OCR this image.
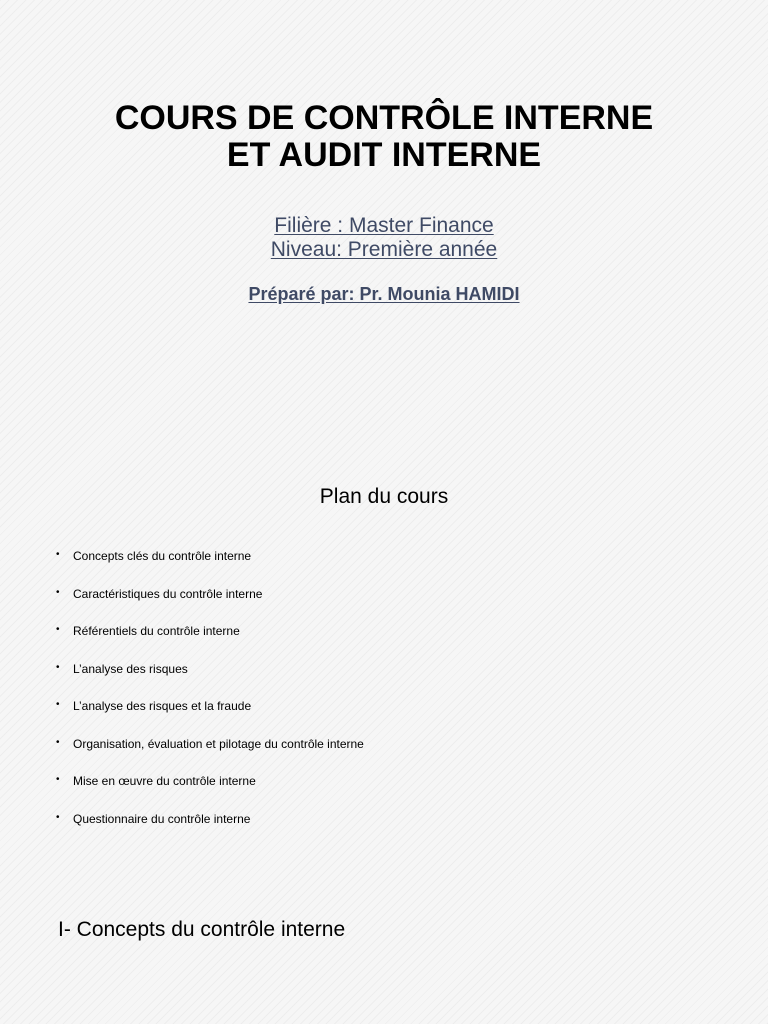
COURS DE CONTRÔLE INTERNE
ET AUDIT INTERNE
Filière : Master Finance
Niveau: Première année
Préparé par: Pr. Mounia HAMIDI
Plan du cours
• Concepts clés du contrôle interne
• Caractéristiques du contrôle interne
• Référentiels du contrôle interne
• L’analyse des risques
• L’analyse des risques et la fraude
• Organisation, évaluation et pilotage du contrôle interne
• Mise en œuvre du contrôle interne
• Questionnaire du contrôle interne
I- Concepts du contrôle interne
